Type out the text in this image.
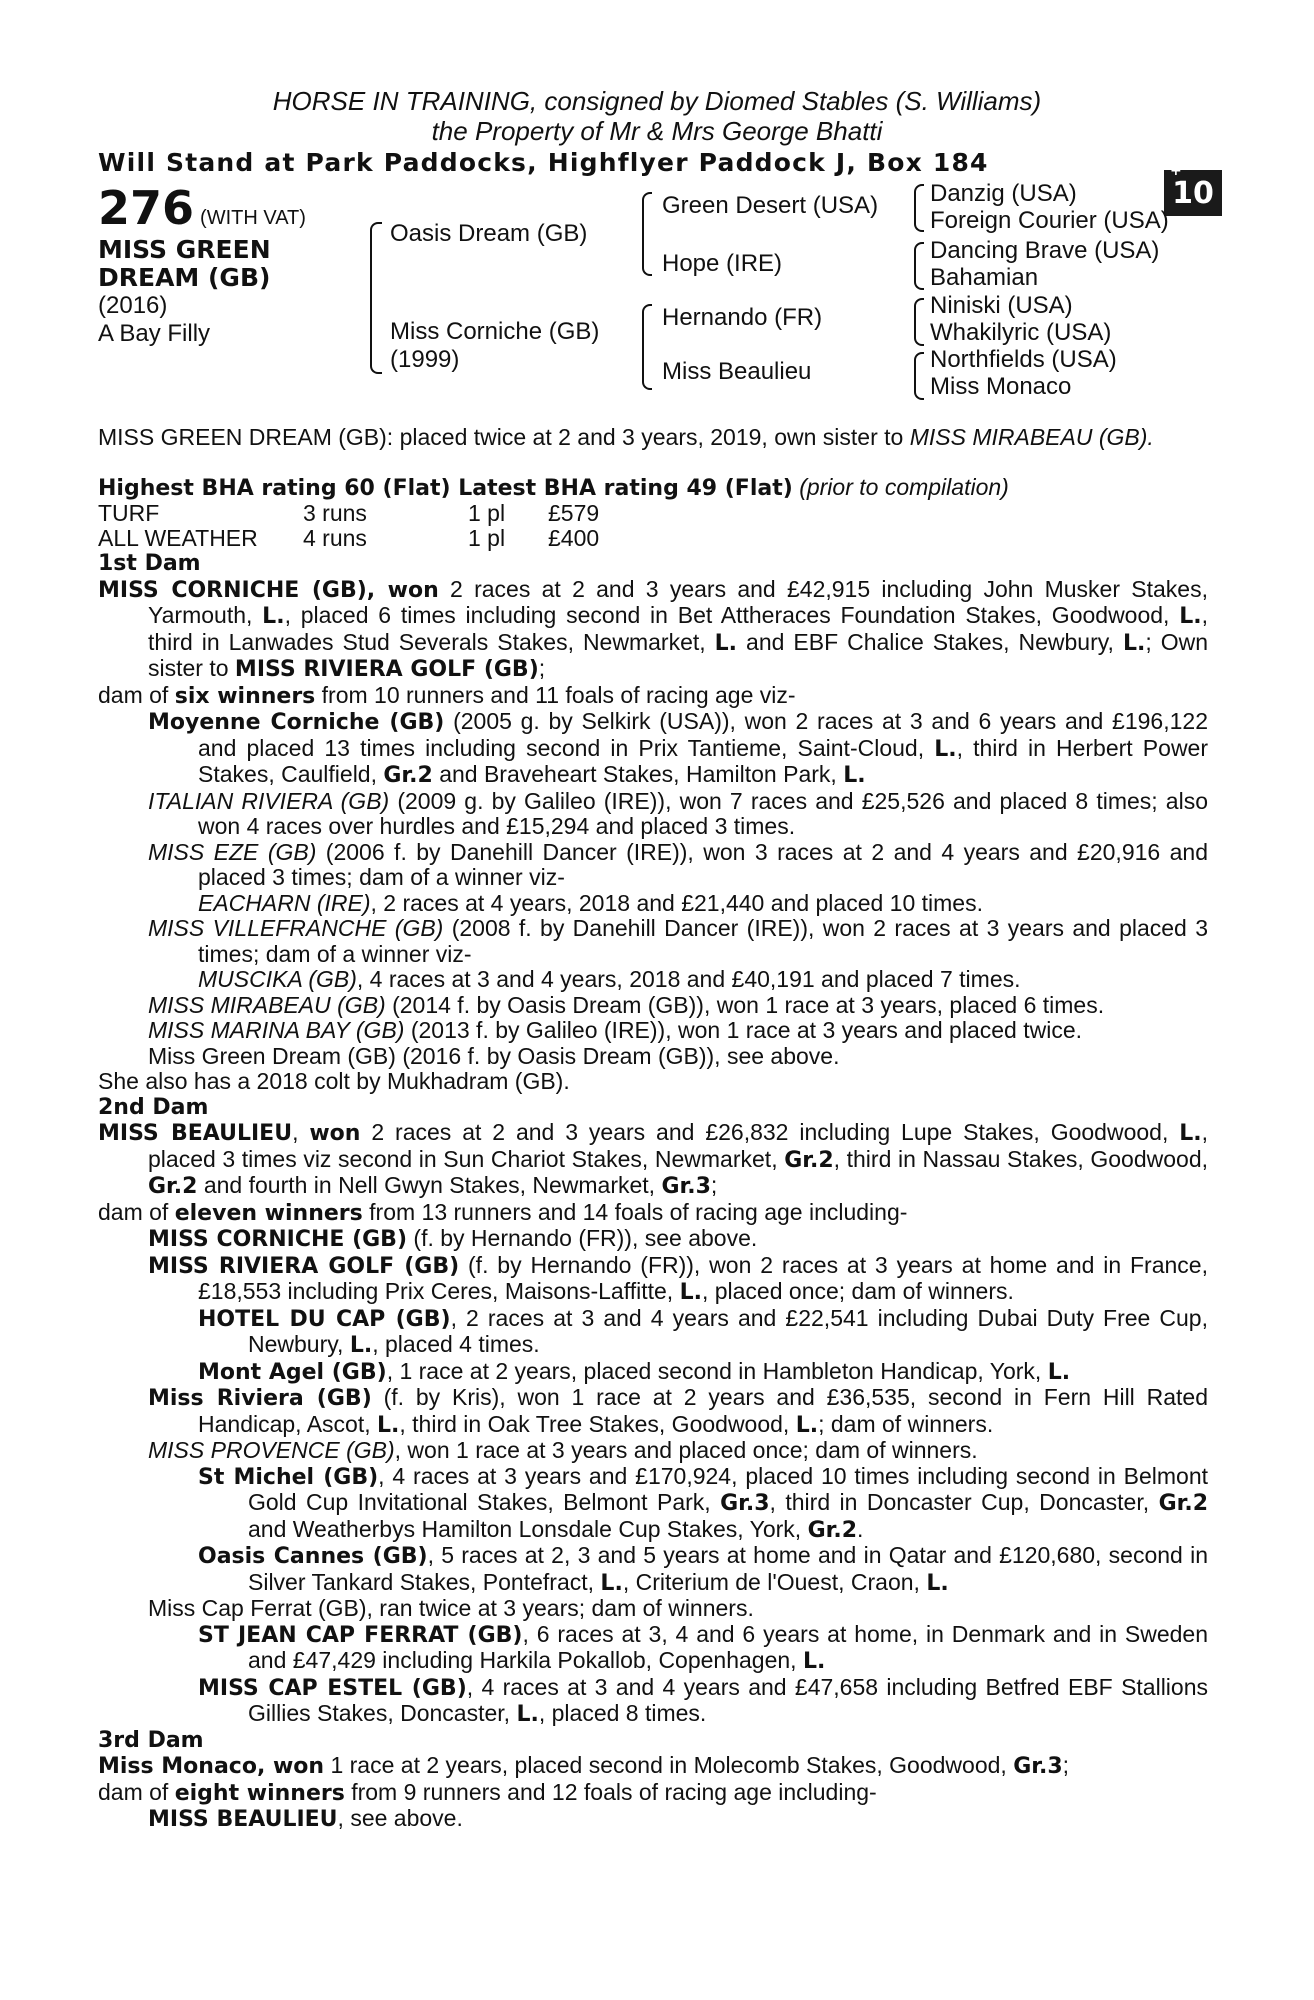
HORSE IN TRAINING, consigned by Diomed Stables (S. Williams)
the Property of Mr & Mrs George Bhatti
Will Stand at Park Paddocks, Highflyer Paddock J, Box 184	+
10
276 (WITH VAT)
MISS GREEN
DREAM (GB)
(2016)
A Bay Filly
Oasis Dream (GB)
Miss Corniche (GB)
(1999)
Green Desert (USA)
Hope (IRE)
Hernando (FR)
Miss Beaulieu
Danzig (USA)
Foreign Courier (USA)
Dancing Brave (USA)
Bahamian
Niniski (USA)
Whakilyric (USA)
Northfields (USA)
Miss Monaco

MISS GREEN DREAM (GB): placed twice at 2 and 3 years, 2019, own sister to MISS MIRABEAU (GB).

Highest BHA rating 60 (Flat) Latest BHA rating 49 (Flat) (prior to compilation)

TURF	3 runs	1 pl	£579
ALL WEATHER	4 runs	1 pl	£400

1st Dam

MISS CORNICHE (GB), won 2 races at 2 and 3 years and £42,915 including John Musker Stakes, Yarmouth, L., placed 6 times including second in Bet Attheraces Foundation Stakes, Goodwood, L., third in Lanwades Stud Severals Stakes, Newmarket, L. and EBF Chalice Stakes, Newbury, L.; Own sister to MISS RIVIERA GOLF (GB);

dam of six winners from 10 runners and 11 foals of racing age viz-

Moyenne Corniche (GB) (2005 g. by Selkirk (USA)), won 2 races at 3 and 6 years and £196,122 and placed 13 times including second in Prix Tantieme, Saint-Cloud, L., third in Herbert Power Stakes, Caulfield, Gr.2 and Braveheart Stakes, Hamilton Park, L.

ITALIAN RIVIERA (GB) (2009 g. by Galileo (IRE)), won 7 races and £25,526 and placed 8 times; also won 4 races over hurdles and £15,294 and placed 3 times.

MISS EZE (GB) (2006 f. by Danehill Dancer (IRE)), won 3 races at 2 and 4 years and £20,916 and placed 3 times; dam of a winner viz-

EACHARN (IRE), 2 races at 4 years, 2018 and £21,440 and placed 10 times.

MISS VILLEFRANCHE (GB) (2008 f. by Danehill Dancer (IRE)), won 2 races at 3 years and placed 3 times; dam of a winner viz-

MUSCIKA (GB), 4 races at 3 and 4 years, 2018 and £40,191 and placed 7 times.

MISS MIRABEAU (GB) (2014 f. by Oasis Dream (GB)), won 1 race at 3 years, placed 6 times.

MISS MARINA BAY (GB) (2013 f. by Galileo (IRE)), won 1 race at 3 years and placed twice.

Miss Green Dream (GB) (2016 f. by Oasis Dream (GB)), see above.

She also has a 2018 colt by Mukhadram (GB).

2nd Dam

MISS BEAULIEU, won 2 races at 2 and 3 years and £26,832 including Lupe Stakes, Goodwood, L., placed 3 times viz second in Sun Chariot Stakes, Newmarket, Gr.2, third in Nassau Stakes, Goodwood, Gr.2 and fourth in Nell Gwyn Stakes, Newmarket, Gr.3;

dam of eleven winners from 13 runners and 14 foals of racing age including-

MISS CORNICHE (GB) (f. by Hernando (FR)), see above.

MISS RIVIERA GOLF (GB) (f. by Hernando (FR)), won 2 races at 3 years at home and in France, £18,553 including Prix Ceres, Maisons-Laffitte, L., placed once; dam of winners.

HOTEL DU CAP (GB), 2 races at 3 and 4 years and £22,541 including Dubai Duty Free Cup, Newbury, L., placed 4 times.

Mont Agel (GB), 1 race at 2 years, placed second in Hambleton Handicap, York, L.

Miss Riviera (GB) (f. by Kris), won 1 race at 2 years and £36,535, second in Fern Hill Rated Handicap, Ascot, L., third in Oak Tree Stakes, Goodwood, L.; dam of winners.

MISS PROVENCE (GB), won 1 race at 3 years and placed once; dam of winners.

St Michel (GB), 4 races at 3 years and £170,924, placed 10 times including second in Belmont Gold Cup Invitational Stakes, Belmont Park, Gr.3, third in Doncaster Cup, Doncaster, Gr.2 and Weatherbys Hamilton Lonsdale Cup Stakes, York, Gr.2.

Oasis Cannes (GB), 5 races at 2, 3 and 5 years at home and in Qatar and £120,680, second in Silver Tankard Stakes, Pontefract, L., Criterium de l'Ouest, Craon, L.

Miss Cap Ferrat (GB), ran twice at 3 years; dam of winners.

ST JEAN CAP FERRAT (GB), 6 races at 3, 4 and 6 years at home, in Denmark and in Sweden and £47,429 including Harkila Pokallob, Copenhagen, L.

MISS CAP ESTEL (GB), 4 races at 3 and 4 years and £47,658 including Betfred EBF Stallions Gillies Stakes, Doncaster, L., placed 8 times.

3rd Dam

Miss Monaco, won 1 race at 2 years, placed second in Molecomb Stakes, Goodwood, Gr.3;

dam of eight winners from 9 runners and 12 foals of racing age including-

MISS BEAULIEU, see above.
